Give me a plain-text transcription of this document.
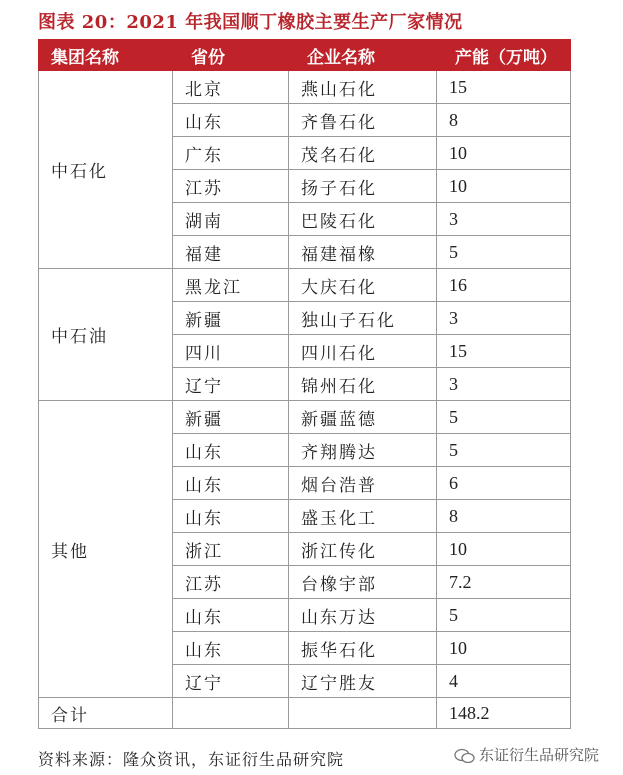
图表 20：2021 年我国顺丁橡胶主要生产厂家情况
集团名称	省份	企业名称	产能（万吨）
中石化	北京	燕山石化	15
	山东	齐鲁石化	8
	广东	茂名石化	10
	江苏	扬子石化	10
	湖南	巴陵石化	3
	福建	福建福橡	5
中石油	黑龙江	大庆石化	16
	新疆	独山子石化	3
	四川	四川石化	15
	辽宁	锦州石化	3
其他	新疆	新疆蓝德	5
	山东	齐翔腾达	5
	山东	烟台浩普	6
	山东	盛玉化工	8
	浙江	浙江传化	10
	江苏	台橡宇部	7.2
	山东	山东万达	5
	山东	振华石化	10
	辽宁	辽宁胜友	4
合计			148.2
资料来源：隆众资讯，东证衍生品研究院	东证衍生品研究院
